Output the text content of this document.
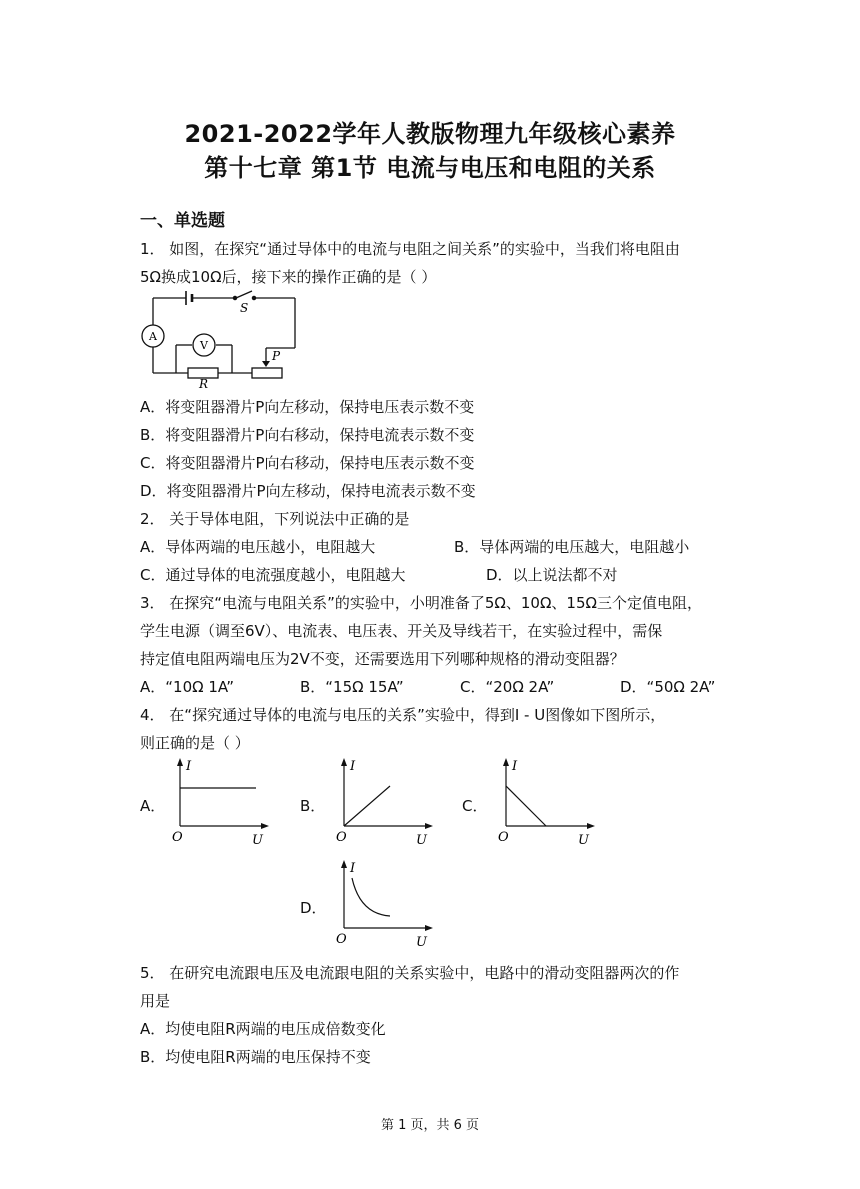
2021-2022学年人教版物理九年级核心素养
第十七章 第1节 电流与电压和电阻的关系
一、单选题
1． 如图，在探究“通过导体中的电流与电阻之间关系”的实验中，当我们将电阻由
5Ω换成10Ω后，接下来的操作正确的是（ ）
A
V
S
P
R
A．将变阻器滑片P向左移动，保持电压表示数不变
B．将变阻器滑片P向右移动，保持电流表示数不变
C．将变阻器滑片P向右移动，保持电压表示数不变
D．将变阻器滑片P向左移动，保持电流表示数不变
2． 关于导体电阻，下列说法中正确的是
A．导体两端的电压越小，电阻越大	B．导体两端的电压越大，电阻越小
C．通过导体的电流强度越小，电阻越大	D．以上说法都不对
3． 在探究“电流与电阻关系”的实验中，小明准备了5Ω、10Ω、15Ω三个定值电阻，
学生电源（调至6V）、电流表、电压表、开关及导线若干，在实验过程中，需保
持定值电阻两端电压为2V不变，还需要选用下列哪种规格的滑动变阻器？
A．“10Ω 1A”	B．“15Ω 15A”	C．“20Ω 2A”	D．“50Ω 2A”
4． 在“探究通过导体的电流与电压的关系”实验中，得到I - U图像如下图所示，
则正确的是（ ）
A．
I
U
O
B．
I
U
O
C．
I
U
O
D．
I
U
O
5． 在研究电流跟电压及电流跟电阻的关系实验中，电路中的滑动变阻器两次的作
用是
A．均使电阻R两端的电压成倍数变化
B．均使电阻R两端的电压保持不变
第 1 页，共 6 页
